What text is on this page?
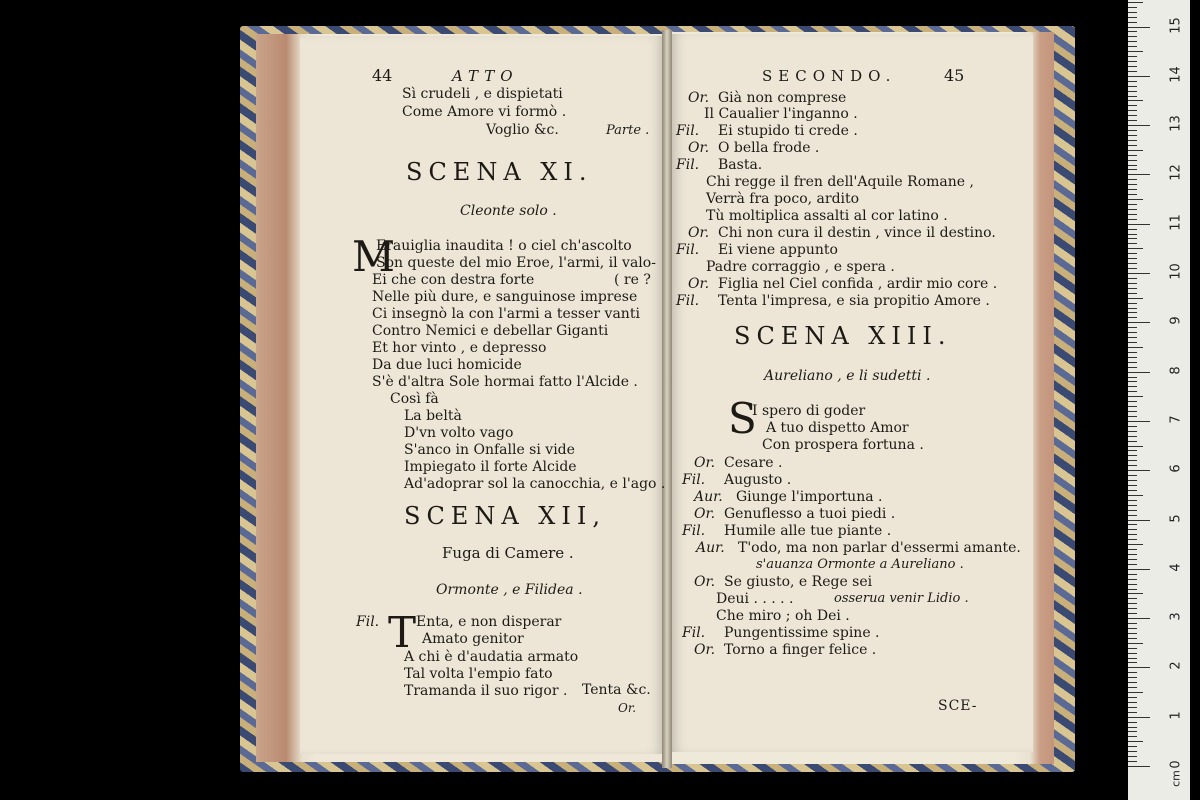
44	ATTO
Sì crudeli , e dispietati
Come Amore vi formò .
Voglio &c.	Parte .
SCENA XI.
Cleonte solo .
M
Erauiglia inaudita ! o ciel ch'ascolto
Son queste del mio Eroe, l'armi, il valo-
Ei che con destra forte
Nelle più dure, e sanguinose imprese
Ci insegnò la con l'armi a tesser vanti
Contro Nemici e debellar Giganti
Et hor vinto , e depresso
Da due luci homicide
S'è d'altra Sole hormai fatto l'Alcide .
Così fà
La beltà
D'vn volto vago
S'anco in Onfalle si vide
Impiegato il forte Alcide
Ad'adoprar sol la canocchia, e l'ago .
( re ?
SCENA XII,
Fuga di Camere .
Ormonte , e Filidea .
Fil. T Enta, e non disperar
Amato genitor
A chi è d'audatia armato
Tal volta l'empio fato
Tramanda il suo rigor . Tenta &c.
Or.
SECONDO.	45
Or. Già non comprese
Il Caualier l'inganno .
Fil. Ei stupido ti crede .
Or. O bella frode .
Fil. Basta.
Chi regge il fren dell'Aquile Romane ,
Verrà fra poco, ardito
Tù moltiplica assalti al cor latino .
Or. Chi non cura il destin , vince il destino.
Fil. Ei viene appunto
Padre corraggio , e spera .
Or. Figlia nel Ciel confida , ardir mio core .
Fil. Tenta l'impresa, e sia propitio Amore .
SCENA XIII.
Aureliano , e li sudetti .
S
I spero di goder
A tuo dispetto Amor
Con prospera fortuna .
Or. Cesare .
Fil. Augusto .
Aur. Giunge l'importuna .
Or. Genuflesso a tuoi piedi .
Fil. Humile alle tue piante .
Aur. T'odo, ma non parlar d'essermi amante.
Or. Se giusto, e Rege sei
Deui . . . . .
Che miro ; oh Dei .
Fil. Pungentissime spine .
Or. Torno a finger felice .
s'auanza Ormonte a Aureliano .
osserua venir Lidio .
SCE-
0
1
2
3
4
5
6
7
8
9
10
11
12
13
14
15
cm
